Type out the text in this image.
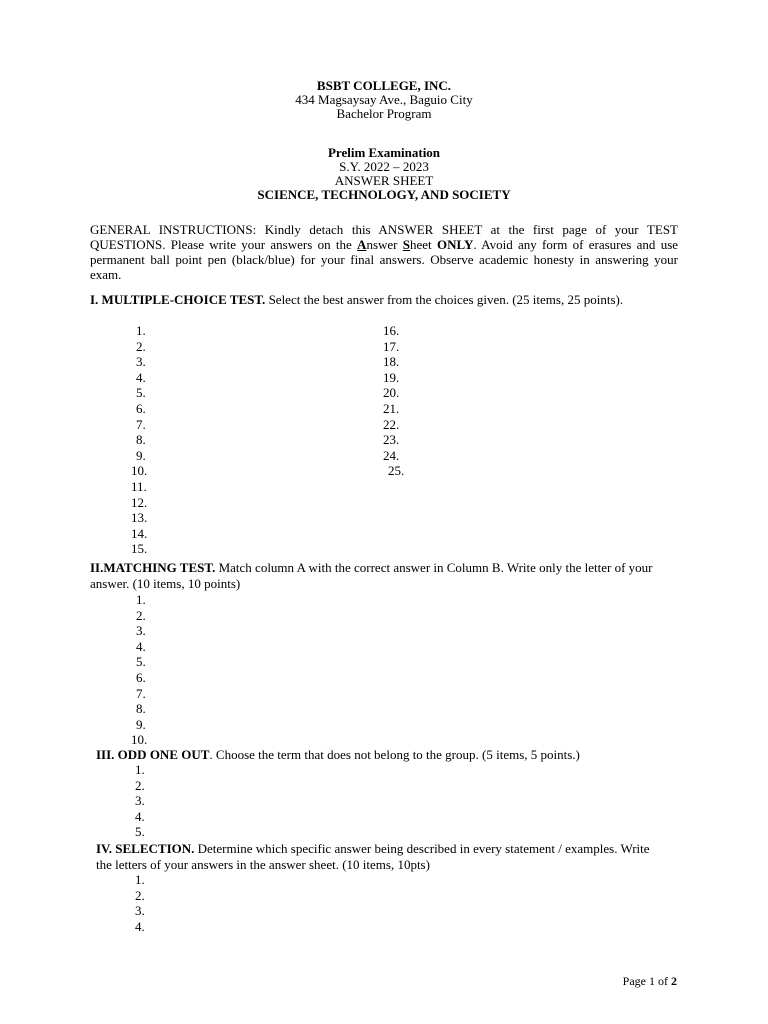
BSBT COLLEGE, INC.
434 Magsaysay Ave., Baguio City
Bachelor Program
Prelim Examination
S.Y. 2022 – 2023
ANSWER SHEET
SCIENCE, TECHNOLOGY, AND SOCIETY
GENERAL INSTRUCTIONS: Kindly detach this ANSWER SHEET at the first page of your TEST QUESTIONS. Please write your answers on the Answer Sheet ONLY. Avoid any form of erasures and use permanent ball point pen (black/blue) for your final answers. Observe academic honesty in answering your exam.
I. MULTIPLE-CHOICE TEST. Select the best answer from the choices given. (25 items, 25 points).
1.
2.
3.
4.
5.
6.
7.
8.
9.
10.
11.
12.
13.
14.
15.
16.
17.
18.
19.
20.
21.
22.
23.
24.
25.
II.MATCHING TEST. Match column A with the correct answer in Column B. Write only the letter of your answer. (10 items, 10 points)
1.
2.
3.
4.
5.
6.
7.
8.
9.
10.
III. ODD ONE OUT. Choose the term that does not belong to the group. (5 items, 5 points.)
1.
2.
3.
4.
5.
IV. SELECTION. Determine which specific answer being described in every statement / examples. Write the letters of your answers in the answer sheet. (10 items, 10pts)
1.
2.
3.
4.
Page 1 of 2
